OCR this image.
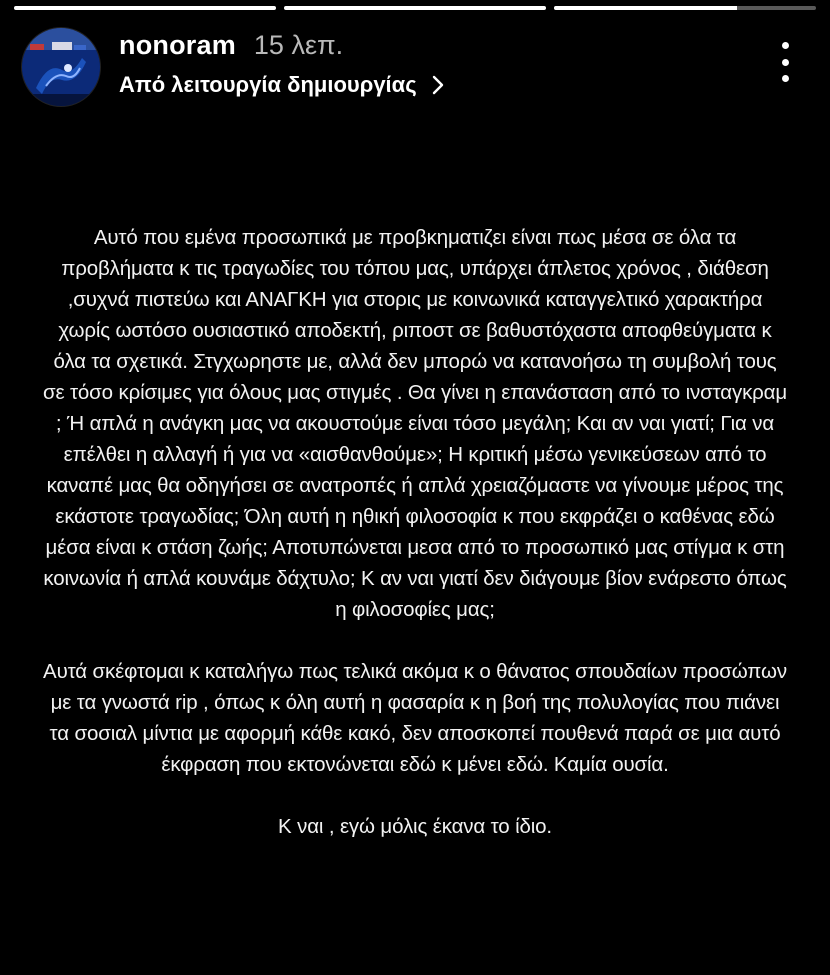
nonoram 15 λεπ.
Από λειτουργία δημιουργίας

Αυτό που εμένα προσωπικά με προβκηματιζει είναι πως μέσα σε όλα τα προβλήματα κ τις τραγωδίες του τόπου μας, υπάρχει άπλετος χρόνος , διάθεση ,συχνά πιστεύω και ΑΝΑΓΚΗ για στορις με κοινωνικά καταγγελτικό χαρακτήρα χωρίς ωστόσο ουσιαστικό αποδεκτή, ριποστ σε βαθυστόχαστα αποφθεύγματα κ όλα τα σχετικά. Στγχωρηστε με, αλλά δεν μπορώ να κατανοήσω τη συμβολή τους σε τόσο κρίσιμες για όλους μας στιγμές . Θα γίνει η επανάσταση από το ινσταγκραμ ; Ή απλά η ανάγκη μας να ακουστούμε είναι τόσο μεγάλη; Και αν ναι γιατί; Για να επέλθει η αλλαγή ή για να «αισθανθούμε»; Η κριτική μέσω γενικεύσεων από το καναπέ μας θα οδηγήσει σε ανατροπές ή απλά χρειαζόμαστε να γίνουμε μέρος της εκάστοτε τραγωδίας; Όλη αυτή η ηθική φιλοσοφία κ που εκφράζει ο καθένας εδώ μέσα είναι κ στάση ζωής; Αποτυπώνεται μεσα από το προσωπικό μας στίγμα κ στη κοινωνία ή απλά κουνάμε δάχτυλο; Κ αν ναι γιατί δεν διάγουμε βίον ενάρεστο όπως η φιλοσοφίες μας;

Αυτά σκέφτομαι κ καταλήγω πως τελικά ακόμα κ ο θάνατος σπουδαίων προσώπων με τα γνωστά rip , όπως κ όλη αυτή η φασαρία κ η βοή της πολυλογίας που πιάνει τα σοσιαλ μίντια με αφορμή κάθε κακό, δεν αποσκοπεί πουθενά παρά σε μια αυτό έκφραση που εκτονώνεται εδώ κ μένει εδώ. Καμία ουσία.

Κ ναι , εγώ μόλις έκανα το ίδιο.
